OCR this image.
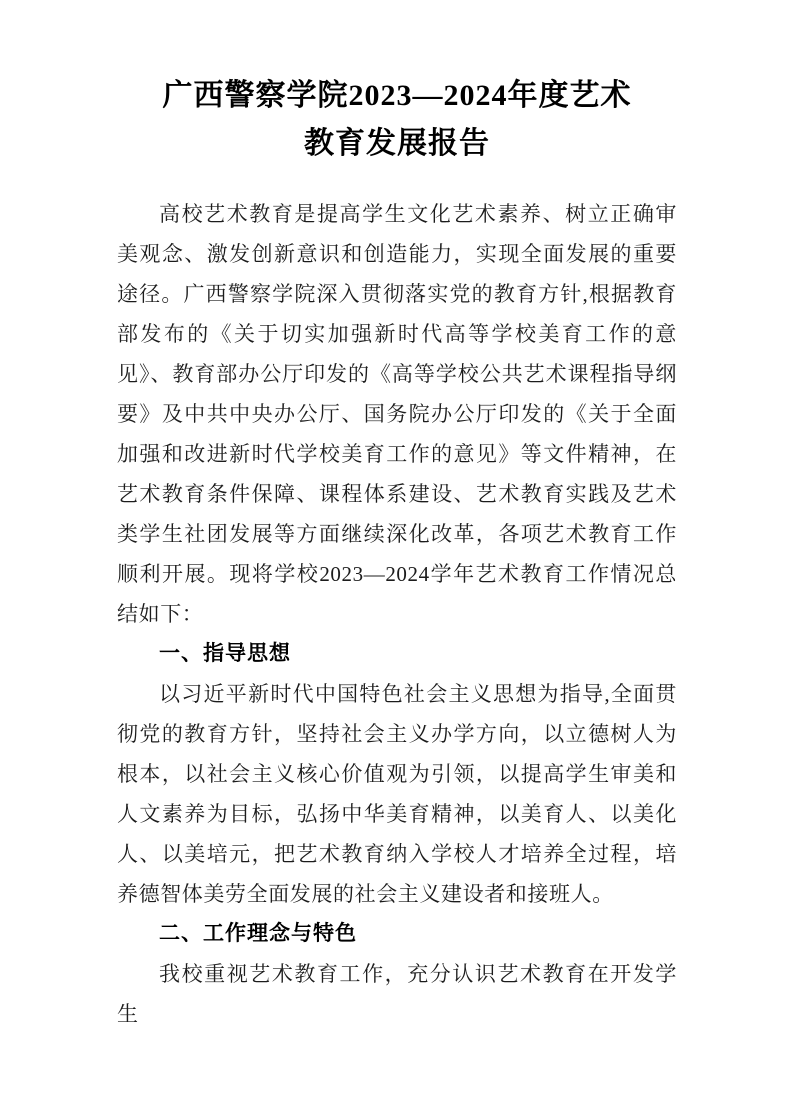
广西警察学院2023—2024年度艺术
教育发展报告

高校艺术教育是提高学生文化艺术素养、树立正确审美观念、激发创新意识和创造能力，实现全面发展的重要途径。广西警察学院深入贯彻落实党的教育方针,根据教育部发布的《关于切实加强新时代高等学校美育工作的意见》、教育部办公厅印发的《高等学校公共艺术课程指导纲要》及中共中央办公厅、国务院办公厅印发的《关于全面加强和改进新时代学校美育工作的意见》等文件精神，在艺术教育条件保障、课程体系建设、艺术教育实践及艺术类学生社团发展等方面继续深化改革，各项艺术教育工作顺利开展。现将学校2023—2024学年艺术教育工作情况总结如下：

一、指导思想

以习近平新时代中国特色社会主义思想为指导,全面贯彻党的教育方针，坚持社会主义办学方向，以立德树人为根本，以社会主义核心价值观为引领，以提高学生审美和人文素养为目标，弘扬中华美育精神，以美育人、以美化人、以美培元，把艺术教育纳入学校人才培养全过程，培养德智体美劳全面发展的社会主义建设者和接班人。

二、工作理念与特色

我校重视艺术教育工作，充分认识艺术教育在开发学生
